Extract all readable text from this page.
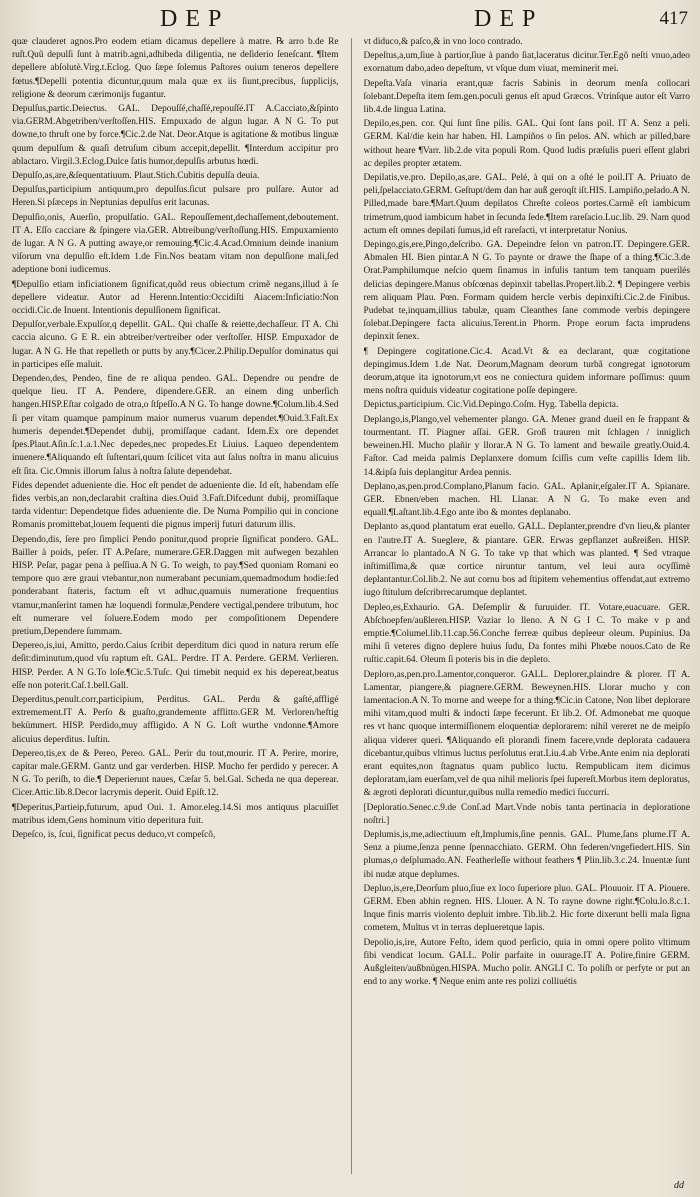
DEP	DEP	417

quæ clauderet agnos.Pro eodem etiam dicamus depellere à matre. ℞ arro b.de Re ruſt.Quũ depulſi ſunt à matrib.agni,adhibeda diligentia, ne deſiderio ſeneſcant. ¶Item depellere abſolutè.Virg.t.Eclog. Quo ſæpe ſolemus Paſtores ouium teneros depellere fœtus.¶Depelli potentia dicuntur,quum mala quæ ex iis ſiunt,precibus, ſupplicijs, religione & deorum cærimonijs fugantur.

Depulſus,partic.Deiectus. GAL. Depouſſé,chaſſé,repouſſé.IT A.Cacciato,&ſpinto via.GERM.Abgetriben/verſtoſſen.HIS. Empuxado de algun lugar. A N G. To put downe,to thruſt one by force.¶Cic.2.de Nat. Deor.Atque is agitatione & motibus linguæ quum depulſum & quaſi detruſum cibum accepit,depellit. ¶Interdum accipitur pro ablactaro. Virgil.3.Eclog.Dulce ſatis humor,depulſis arbutus hœdi.

Depulſo,as,are,&ſequentatiuum. Plaut.Stich.Cubitis depulſa deuia.

Depulſus,participium antiquum,pro depulſus.ſicut pulsare pro pulſare. Autor ad Heren.Si pſæceps in Neptunias depulſus erit lacunas.

Depulſio,onis, Auerſio, propulſatio. GAL. Repouſſement,dechaſſement,deboutement. IT A. Eſſo cacciare & ſpingere via.GER. Abtreibung/verſtoſſung.HIS. Empuxamiento de lugar. A N G. A putting awaye,or remouing.¶Cic.4.Acad.Omnium deinde inanium viſorum vna depulſio eſt.Idem 1.de Fin.Nos beatam vitam non depulſione mali,ſed adeptione boni iudicemus.

¶Depulſio etiam inficiationem ſignificat,quõd reus obiectum crimẽ negans,illud à ſe depellere videatur. Autor ad Herenn.Intentio:Occidiſti Aiacem:Inficiatio:Non occidi.Cic.de Inuent. Intentionis depulſionem ſignificat.

Depulſor,verbale.Expulſor,q depellit. GAL. Qui chaſſe & reiette,dechaſſeur. IT A. Chi caccia alcuno. G E R. ein abtreiber/vertreiber oder verſtoſſer. HISP. Empuxador de lugar. A N G. He that repelleth or putts by any.¶Cicer.2.Philip.Depulſor dominatus qui in participes eſſe maluit.

Dependeo,des, Pendeo, fine de re aliqua pendeo. GAL. Dependre ou pendre de quelque lieu. IT A. Pendere, dipendere.GER. an einem ding unberſich hangen.HISP.Eſtar colgado de otra,o ſtſpeſſo.A N G. To hange downe.¶Colum.lib.4.Sed ſi per vitam quamque pampinum maior numerus vuarum dependet.¶Ouid.3.Faſt.Ex humeris dependet.¶Dependet dubij, promiſſaque cadant. Idem.Ex ore dependet ſpes.Plaut.Aſin.ſc.1.a.1.Nec depedes,nec propedes.Et Liuius. Laqueo dependentem inuenere.¶Aliquando eſt ſuſtentari,quum ſcilicet vita aut ſalus noſtra in manu alicuius eſt ſita. Cic.Omnis illorum ſalus à noſtra ſalute dependebat.

Fides dependet adueniente die. Hoc eſt pendet de adueniente die. Id eſt, habendam eſſe fides verbis,an non,declarabit craſtina dies.Ouid 3.Faſt.Difcedunt dubij, promiſſaque tarda videntur: Dependetque fides adueniente die. De Numa Pompilio qui in concione Romanis promittebat,louem ſequenti die pignus imperij futuri daturum illis.

Dependo,dis, ſere pro ſimplici Pendo ponitur,quod proprie ſignificat pondero. GAL. Bailler à poids, peſer. IT A.Peſare, numerare.GER.Daggen mit aufwegen bezahlen HISP. Peſar, pagar pena à peſſiua.A N G. To weigh, to pay.¶Sed quoniam Romani eo tempore quo ære graui vtebantur,non numerabant pecuniam,quemadmodum hodie:ſed ponderabant ſtateris, factum eſt vt adhuc,quamuis numeratione frequentius vtamur,manſerint tamen hæ loquendi formulæ,Pendere vectigal,pendere tributum, hoc eſt numerare vel ſoluere.Eodem modo per compoſitionem Dependere pretium,Dependere ſummam.

Depereo,is,iui, Amitto, perdo.Caius ſcribit deperditum dici quod in natura rerum eſſe deſit:diminutum,quod vſu raptum eſt. GAL. Perdre. IT A. Perdere. GERM. Verlieren. HISP. Perder. A N G.To loſe.¶Cic.5.Tuſc. Qui timebit nequid ex his depereat,beatus eſſe non poterit.Caſ.1.bell.Gall.

Deperditus,penult.corr,participium, Perditus. GAL. Perdu & gaſté,affligé extremement.IT A. Perſo & guaſto,grandemente afflitto.GER M. Verloren/heftig bekümmert. HISP. Perdido,muy affligido. A N G. Loſt wurthe vndonne.¶Amore alicuius deperditus. Iuſtin.

Depereo,tis,ex de & Pereo, Pereo. GAL. Perir du tout,mourir. IT A. Perire, morire, capitar male.GERM. Gantz und gar verderben. HISP. Mucho fer perdido y perecer. A N G. To periſh, to die.¶ Deperierunt naues, Cæſar 5. bel.Gal. Scheda ne qua deperear. Cicer.Attic.lib.8.Decor lacrymis deperit. Ouid Epiſt.12.

¶Deperitus,Partieip,futurum, apud Oui. 1. Amor.eleg.14.Si mos antiquus placuiſſet matribus idem,Gens hominum vitio deperitura fuit.

Depeſco, is, ſcui, ſignificat pecus deduco,vt compeſcõ,

vt diduco,& paſco,& in vno loco contrado.

Depeſtus,a,um,ſiue à partior,ſiue à pando ſiat,laceratus dicitur.Ter.Egõ neſti vnuo,adeo exornatum dabo,adeo depeſtum, vt vſque dum viuat, meminerit mei.

Depeſta.Vaſa vinaria erant,quæ facris Sabinis in deorum menſa collocari ſolebant.Depeſta item ſem.gen.poculi genus eſt apud Græcos. Vtrinſque autor eſt Varro lib.4.de lingua Latina.

Depilo,es,pen. cor. Qui ſunt ſine pilis. GAL. Qui ſont ſans poil. IT A. Senz a peli. GERM. Kal/die kein har haben. HI. Lampiños o ſin pelos. AN. which ar pilled,bare without heare ¶Varr. lib.2.de vita populi Rom. Quod ludis præſulis pueri eſſent glabri ac depiles propter ætatem.

Depilatis,ve.pro. Depilo,as,are. GAL. Pelé, à qui on a oſté le poil.IT A. Priuato de peli,ſpelacciato.GERM. Geſtupt/dem dan har auß geroqſt iſt.HIS. Lampiño,pelado.A N. Pilled,made bare.¶Mart.Quum depilatos Chreſte coleos portes.Carmẽ eſt iambicum trimetrum,quod iambicum habet in ſecunda ſede.¶Item rareſacio.Luc.lib. 29. Nam quod actum eſt omnes depilati ſumus,id eſt rareſacti, vt interpretatur Nonius.

Depingo,gis,ere,Pingo,deſcribo. GA. Depeindre ſelon vn patron.IT. Depingere.GER. Abmalen HI. Bien pintar.A N G. To paynte or drawe the ſhape of a thing.¶Cic.3.de Orat.Pamphilumque neſcio quem ſinamus in infulis tantum tem tanquam puerilés delicias depingere.Manus obſcœnas depinxit tabellas.Propert.lib.2. ¶ Depingere verbis rem aliquam Plau. Pœn. Formam quidem hercle verbis depinxiſti.Cic.2.de Finibus. Pudebat te,inquam,illius tabulæ, quam Cleanthes ſane commode verbis depingere ſolebat.Depingere facta alicuius.Terent.in Phorm. Prope eorum facta imprudens depinxit ſenex.

¶ Depingere cogitatione.Cic.4. Acad.Vt & ea declarant, quæ cogitatione depingimus.Idem 1.de Nat. Deorum,Magnam deorum turbã congregat ignotorum deorum,atque ita ignotorum,vt eos ne coniectura quidem informare poſſimus: quum mens noſtra quiduis videatur cogitatione poſſe depingere.

Depictus,participium. Cic.Vid.Depingo.Coſm. Hyg. Tabella depicta.

Deplango,is,Plango,vel vehementer plango. GA. Mener grand dueil en ſe frappant & tourmentant. IT. Piagner aſſai. GER. Groß trauren mit ſchlagen / inniglich beweinen.HI. Mucho plañir y llorar.A N G. To lament and bewaile greatly.Ouid.4. Faſtor. Cad meida palmis Deplanxere domum ſciſſis cum veſte capillis Idem lib. 14.&ipſa ſuis deplangitur Ardea pennis.

Deplano,as,pen.prod.Complano,Planum facio. GAL. Aplanir,eſgaler.IT A. Spianare. GER. Ebnen/eben machen. HI. Llanar. A N G. To make even and equall.¶Laſtant.lib.4.Ego ante ibo & montes deplanabo.

Deplanto as,quod plantatum erat euello. GALL. Deplanter,prendre d'vn lieu,& planter en l'autre.IT A. Sueglere, & piantare. GER. Erwas gepflanzet außreißen. HISP. Arrancar lo plantado.A N G. To take vp that which was planted. ¶ Sed vtraque inſtimiſſima,& quæ cortice niruntur tantum, vel leui aura ocyſſimè deplantantur.Col.lib.2. Ne aut cornu bos ad ſtipitem vehementius offendat,aut extremo iugo ſtitulum deſcribrrecarumque deplantet.

Depleo,es,Exhaurio. GA. Deſemplir & furuuider. IT. Votare,euacuare. GER. Abſchoepfen/außleren.HISP. Vaziar lo lleno. A N G I C. To make v p and emptie.¶Columel.lib.11.cap.56.Conche ferreæ quibus depleeur oleum. Pupinius. Da mihi ſi veteres digno deplere huius ſudu, Da fontes mihi Phœbe nouos.Cato de Re ruſtic.capit.64. Oleum ſi poteris bis in die depleto.

Deploro,as,pen.pro.Lamentor,conqueror. GALL. Deplorer,plaindre & plorer. IT A. Lamentar, piangere,& piagnere.GERM. Beweynen.HIS. Llorar mucho y con lamentacion.A N. To morne and weepe for a thing.¶Cic.in Catone, Non libet deplorare mihi vitam,quod multi & indocti ſæpe fecerunt. Et lib.2. Of. Admonebat me quoque res vt hanc quoque intermiſſionem eloquentiæ deplorarem: nihil vereret ne de meipſo aliqua viderer queri. ¶Aliquando eſt plorandi finem facere,vnde deplorata cadauera dicebantur,quibus vltimus luctus perſolutus erat.Liu.4.ab Vrbe.Ante enim nia deplorati erant equites,non ſtagnatus quam publico luctu. Rempublicam item dicimus deploratam,iam euerſam,vel de qua nihil melioris ſpei ſupereſt.Morbus item deploratus, & ægroti deplorati dicuntur,quibus nulla remedio medici ſuccurri.

[Deploratio.Senec.c.9.de Conſ.ad Mart.Vnde nobis tanta pertinacia in deploratione noſtri.]

Deplumis,is,me,adiectiuum eſt,Implumis,ſine pennis. GAL. Plume,ſans plume.IT A. Senz a piume,ſenza penne ſpennacchiato. GERM. Ohn federen/vngefiedert.HIS. Sin plumas,o deſplumado.AN. Featherleſſe without feathers ¶ Plin.lib.3.c.24. Inuentæ ſunt ibi nudæ atque deplumes.

Depluo,is,ere,Deorſum pluo,ſiue ex loco ſuperiore pluo. GAL. Plouuoir. IT A. Piouere. GERM. Eben abhin regnen. HIS. Llouer. A N. To rayne downe right.¶Colu.lo.8.c.1. Inque finis marris violento depluit imbre. Tib.lib.2. Hic forte dixerunt belli mala ſigna cometem, Multus vt in terras deplueretque lapis.

Depolio,is,ire, Autore Feſto, idem quod perſicio, quia in omni opere polito vltimum fibi vendicat locum. GALL. Polir parfaite in ouurage.IT A. Polire,finire GERM. Außgleiten/außbnügen.HISPA. Mucho polir. ANGLI C. To poliſh or perfyte or put an end to any worke. ¶ Neque enim ante res polizi colliuétis

dd
